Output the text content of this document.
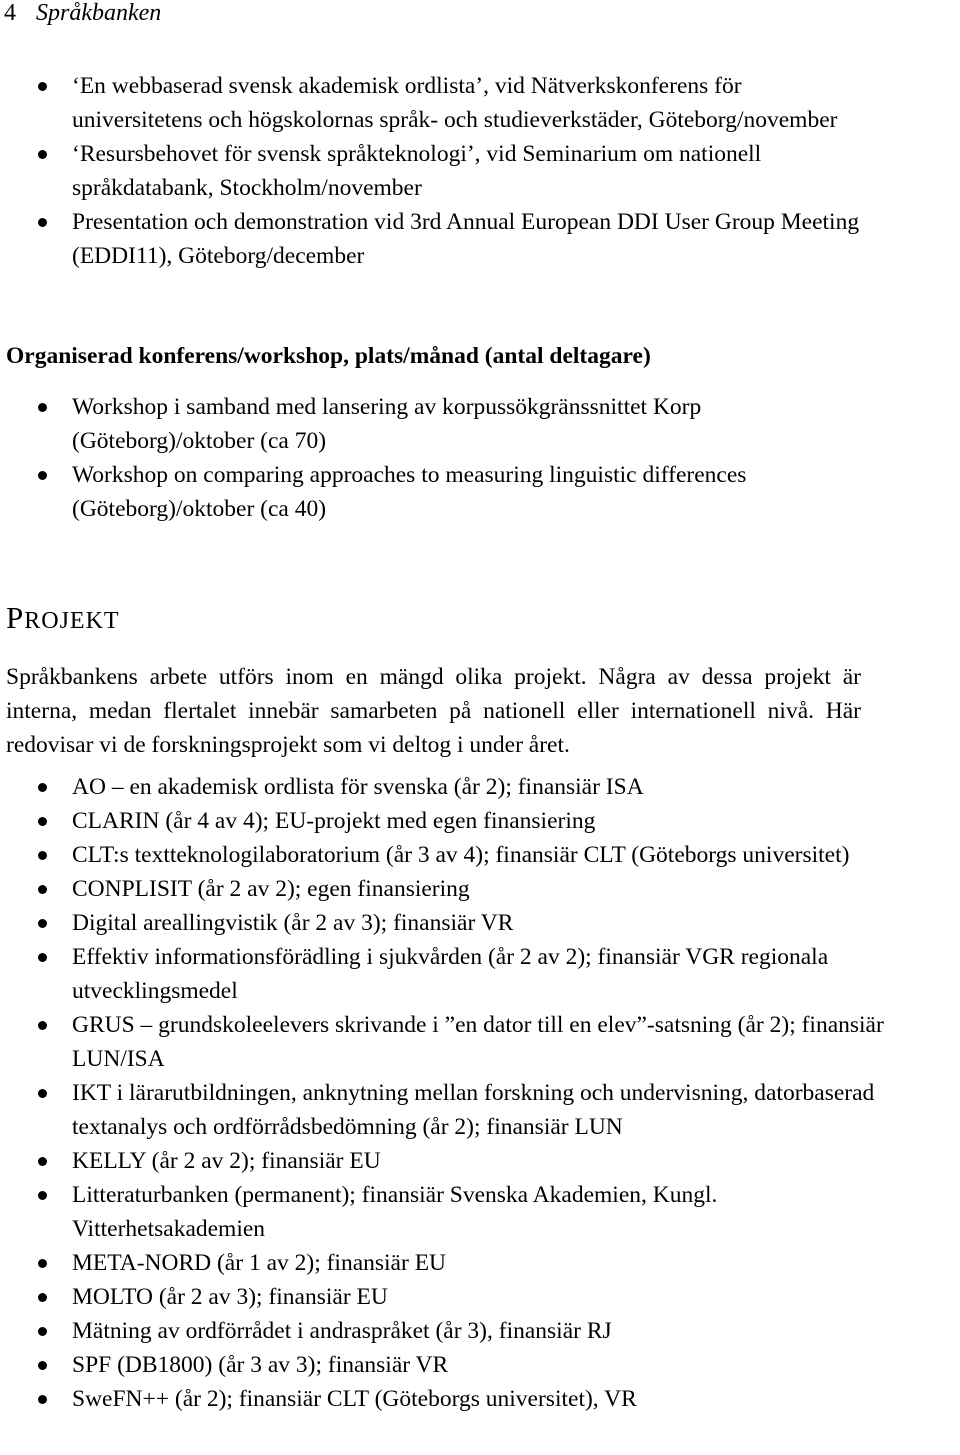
4 Språkbanken
‘En webbaserad svensk akademisk ordlista’, vid Nätverkskonferens för universitetens och högskolornas språk- och studieverkstäder, Göteborg/november
‘Resursbehovet för svensk språkteknologi’, vid Seminarium om nationell språkdatabank, Stockholm/november
Presentation och demonstration vid 3rd Annual European DDI User Group Meeting (EDDI11), Göteborg/december
Organiserad konferens/workshop, plats/månad (antal deltagare)
Workshop i samband med lansering av korpussökgränssnittet Korp (Göteborg)/oktober (ca 70)
Workshop on comparing approaches to measuring linguistic differences (Göteborg)/oktober (ca 40)
PROJEKT
Språkbankens arbete utförs inom en mängd olika projekt. Några av dessa projekt är interna, medan flertalet innebär samarbeten på nationell eller internationell nivå. Här redovisar vi de forskningsprojekt som vi deltog i under året.
AO – en akademisk ordlista för svenska (år 2); finansiär ISA
CLARIN (år 4 av 4); EU-projekt med egen finansiering
CLT:s textteknologilaboratorium (år 3 av 4); finansiär CLT (Göteborgs universitet)
CONPLISIT (år 2 av 2); egen finansiering
Digital areallingvistik (år 2 av 3); finansiär VR
Effektiv informationsförädling i sjukvården (år 2 av 2); finansiär VGR regionala utvecklingsmedel
GRUS – grundskoleelevers skrivande i ”en dator till en elev”-satsning (år 2); finansiär LUN/ISA
IKT i lärarutbildningen, anknytning mellan forskning och undervisning, datorbaserad textanalys och ordförrådsbedömning (år 2); finansiär LUN
KELLY (år 2 av 2); finansiär EU
Litteraturbanken (permanent); finansiär Svenska Akademien, Kungl. Vitterhetsakademien
META-NORD (år 1 av 2); finansiär EU
MOLTO (år 2 av 3); finansiär EU
Mätning av ordförrådet i andraspråket (år 3), finansiär RJ
SPF (DB1800) (år 3 av 3); finansiär VR
SweFN++ (år 2); finansiär CLT (Göteborgs universitet), VR
